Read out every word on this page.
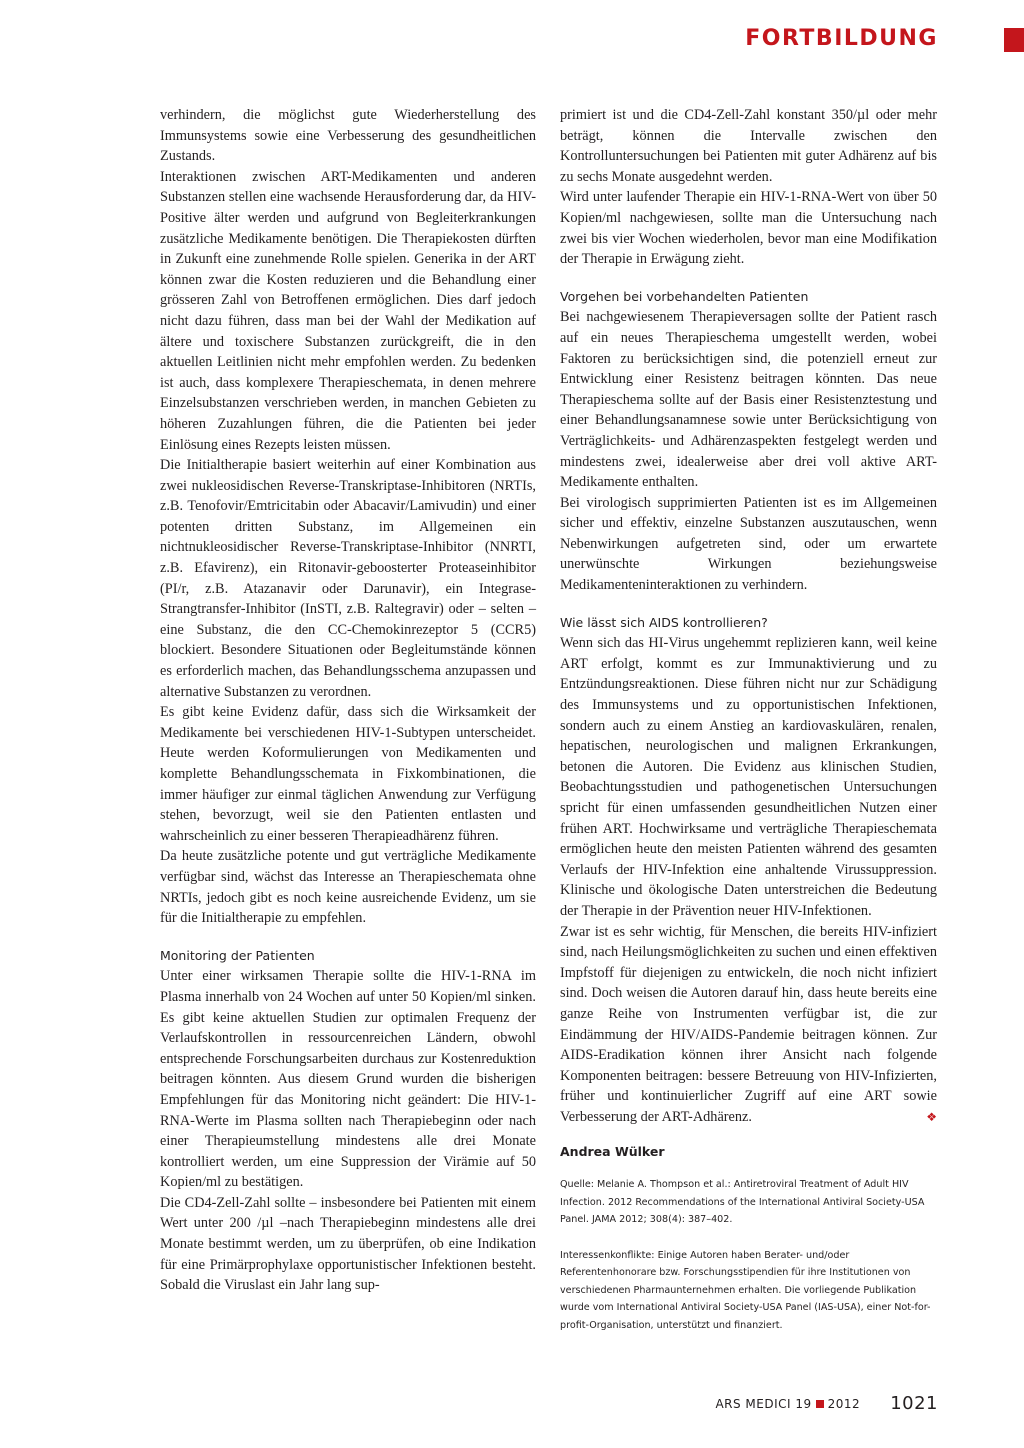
FORTBILDUNG

verhindern, die möglichst gute Wiederherstellung des Immunsystems sowie eine Verbesserung des gesundheitlichen Zustands.

Interaktionen zwischen ART-Medikamenten und anderen Substanzen stellen eine wachsende Herausforderung dar, da HIV-Positive älter werden und aufgrund von Begleiterkrankungen zusätzliche Medikamente benötigen. Die Therapiekosten dürften in Zukunft eine zunehmende Rolle spielen. Generika in der ART können zwar die Kosten reduzieren und die Behandlung einer grösseren Zahl von Betroffenen ermöglichen. Dies darf jedoch nicht dazu führen, dass man bei der Wahl der Medikation auf ältere und toxischere Substanzen zurückgreift, die in den aktuellen Leitlinien nicht mehr empfohlen werden. Zu bedenken ist auch, dass komplexere Therapieschemata, in denen mehrere Einzelsubstanzen verschrieben werden, in manchen Gebieten zu höheren Zuzahlungen führen, die die Patienten bei jeder Einlösung eines Rezepts leisten müssen.

Die Initialtherapie basiert weiterhin auf einer Kombination aus zwei nukleosidischen Reverse-Transkriptase-Inhibitoren (NRTIs, z.B. Tenofovir/Emtricitabin oder Abacavir/Lamivudin) und einer potenten dritten Substanz, im Allgemeinen ein nichtnukleosidischer Reverse-Transkriptase-Inhibitor (NNRTI, z.B. Efavirenz), ein Ritonavir-geboosterter Proteaseinhibitor (PI/r, z.B. Atazanavir oder Darunavir), ein Integrase-Strangtransfer-Inhibitor (InSTI, z.B. Raltegravir) oder – selten – eine Substanz, die den CC-Chemokinrezeptor 5 (CCR5) blockiert. Besondere Situationen oder Begleitumstände können es erforderlich machen, das Behandlungsschema anzupassen und alternative Substanzen zu verordnen.

Es gibt keine Evidenz dafür, dass sich die Wirksamkeit der Medikamente bei verschiedenen HIV-1-Subtypen unterscheidet. Heute werden Koformulierungen von Medikamenten und komplette Behandlungsschemata in Fixkombinationen, die immer häufiger zur einmal täglichen Anwendung zur Verfügung stehen, bevorzugt, weil sie den Patienten entlasten und wahrscheinlich zu einer besseren Therapieadhärenz führen.

Da heute zusätzliche potente und gut verträgliche Medikamente verfügbar sind, wächst das Interesse an Therapieschemata ohne NRTIs, jedoch gibt es noch keine ausreichende Evidenz, um sie für die Initialtherapie zu empfehlen.

Monitoring der Patienten

Unter einer wirksamen Therapie sollte die HIV-1-RNA im Plasma innerhalb von 24 Wochen auf unter 50 Kopien/ml sinken. Es gibt keine aktuellen Studien zur optimalen Frequenz der Verlaufskontrollen in ressourcenreichen Ländern, obwohl entsprechende Forschungsarbeiten durchaus zur Kostenreduktion beitragen könnten. Aus diesem Grund wurden die bisherigen Empfehlungen für das Monitoring nicht geändert: Die HIV-1-RNA-Werte im Plasma sollten nach Therapiebeginn oder nach einer Therapieumstellung mindestens alle drei Monate kontrolliert werden, um eine Suppression der Virämie auf 50 Kopien/ml zu bestätigen.

Die CD4-Zell-Zahl sollte – insbesondere bei Patienten mit einem Wert unter 200 /µl –nach Therapiebeginn mindestens alle drei Monate bestimmt werden, um zu überprüfen, ob eine Indikation für eine Primärprophylaxe opportunistischer Infektionen besteht. Sobald die Viruslast ein Jahr lang sup-

primiert ist und die CD4-Zell-Zahl konstant 350/µl oder mehr beträgt, können die Intervalle zwischen den Kontrolluntersuchungen bei Patienten mit guter Adhärenz auf bis zu sechs Monate ausgedehnt werden.

Wird unter laufender Therapie ein HIV-1-RNA-Wert von über 50 Kopien/ml nachgewiesen, sollte man die Untersuchung nach zwei bis vier Wochen wiederholen, bevor man eine Modifikation der Therapie in Erwägung zieht.

Vorgehen bei vorbehandelten Patienten

Bei nachgewiesenem Therapieversagen sollte der Patient rasch auf ein neues Therapieschema umgestellt werden, wobei Faktoren zu berücksichtigen sind, die potenziell erneut zur Entwicklung einer Resistenz beitragen könnten. Das neue Therapieschema sollte auf der Basis einer Resistenztestung und einer Behandlungsanamnese sowie unter Berücksichtigung von Verträglichkeits- und Adhärenzaspekten festgelegt werden und mindestens zwei, idealerweise aber drei voll aktive ART-Medikamente enthalten.

Bei virologisch supprimierten Patienten ist es im Allgemeinen sicher und effektiv, einzelne Substanzen auszutauschen, wenn Nebenwirkungen aufgetreten sind, oder um erwartete unerwünschte Wirkungen beziehungsweise Medikamenteninteraktionen zu verhindern.

Wie lässt sich AIDS kontrollieren?

Wenn sich das HI-Virus ungehemmt replizieren kann, weil keine ART erfolgt, kommt es zur Immunaktivierung und zu Entzündungsreaktionen. Diese führen nicht nur zur Schädigung des Immunsystems und zu opportunistischen Infektionen, sondern auch zu einem Anstieg an kardiovaskulären, renalen, hepatischen, neurologischen und malignen Erkrankungen, betonen die Autoren. Die Evidenz aus klinischen Studien, Beobachtungsstudien und pathogenetischen Untersuchungen spricht für einen umfassenden gesundheitlichen Nutzen einer frühen ART. Hochwirksame und verträgliche Therapieschemata ermöglichen heute den meisten Patienten während des gesamten Verlaufs der HIV-Infektion eine anhaltende Virussuppression. Klinische und ökologische Daten unterstreichen die Bedeutung der Therapie in der Prävention neuer HIV-Infektionen.

Zwar ist es sehr wichtig, für Menschen, die bereits HIV-infiziert sind, nach Heilungsmöglichkeiten zu suchen und einen effektiven Impfstoff für diejenigen zu entwickeln, die noch nicht infiziert sind. Doch weisen die Autoren darauf hin, dass heute bereits eine ganze Reihe von Instrumenten verfügbar ist, die zur Eindämmung der HIV/AIDS-Pandemie beitragen können. Zur AIDS-Eradikation können ihrer Ansicht nach folgende Komponenten beitragen: bessere Betreuung von HIV-Infizierten, früher und kontinuierlicher Zugriff auf eine ART sowie Verbesserung der ART-Adhärenz.	❖

Andrea Wülker

Quelle: Melanie A. Thompson et al.: Antiretroviral Treatment of Adult HIV Infection. 2012 Recommendations of the International Antiviral Society-USA Panel. JAMA 2012; 308(4): 387–402.

Interessenkonflikte: Einige Autoren haben Berater- und/oder Referentenhonorare bzw. Forschungsstipendien für ihre Institutionen von verschiedenen Pharmaunternehmen erhalten. Die vorliegende Publikation wurde vom International Antiviral Society-USA Panel (IAS-USA), einer Not-for-profit-Organisation, unterstützt und finanziert.

ARS MEDICI 19 2012 1021
